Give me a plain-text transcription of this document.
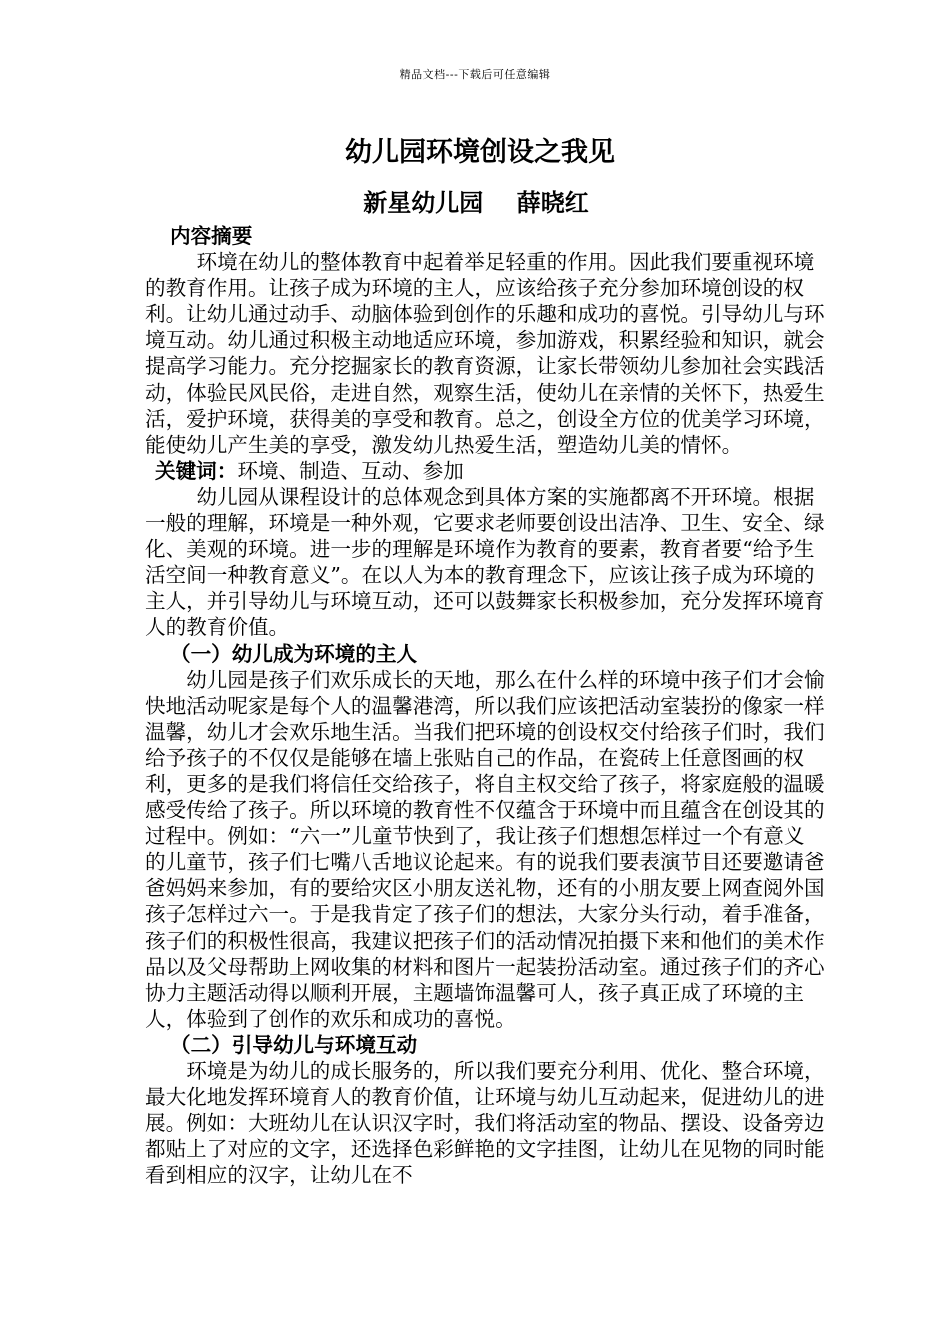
精品文档---下载后可任意编辑
幼儿园环境创设之我见
新星幼儿园    薛晓红

内容摘要

环境在幼儿的整体教育中起着举足轻重的作用。因此我们要重视环境的教育作用。让孩子成为环境的主人，应该给孩子充分参加环境创设的权利。让幼儿通过动手、动脑体验到创作的乐趣和成功的喜悦。引导幼儿与环境互动。幼儿通过积极主动地适应环境，参加游戏，积累经验和知识，就会提高学习能力。充分挖掘家长的教育资源，让家长带领幼儿参加社会实践活动，体验民风民俗，走进自然，观察生活，使幼儿在亲情的关怀下，热爱生活，爱护环境，获得美的享受和教育。总之，创设全方位的优美学习环境，能使幼儿产生美的享受，激发幼儿热爱生活，塑造幼儿美的情怀。

关键词：环境、制造、互动、参加

幼儿园从课程设计的总体观念到具体方案的实施都离不开环境。根据一般的理解，环境是一种外观，它要求老师要创设出洁净、卫生、安全、绿化、美观的环境。进一步的理解是环境作为教育的要素，教育者要“给予生活空间一种教育意义”。在以人为本的教育理念下，应该让孩子成为环境的主人，并引导幼儿与环境互动，还可以鼓舞家长积极参加，充分发挥环境育人的教育价值。

（一）幼儿成为环境的主人

幼儿园是孩子们欢乐成长的天地，那么在什么样的环境中孩子们才会愉快地活动呢家是每个人的温馨港湾，所以我们应该把活动室装扮的像家一样温馨，幼儿才会欢乐地生活。当我们把环境的创设权交付给孩子们时，我们给予孩子的不仅仅是能够在墙上张贴自己的作品，在瓷砖上任意图画的权利，更多的是我们将信任交给孩子，将自主权交给了孩子，将家庭般的温暖感受传给了孩子。所以环境的教育性不仅蕴含于环境中而且蕴含在创设其的过程中。例如：“六一”儿童节快到了，我让孩子们想想怎样过一个有意义的儿童节，孩子们七嘴八舌地议论起来。有的说我们要表演节目还要邀请爸爸妈妈来参加，有的要给灾区小朋友送礼物，还有的小朋友要上网查阅外国孩子怎样过六一。于是我肯定了孩子们的想法，大家分头行动，着手准备，孩子们的积极性很高，我建议把孩子们的活动情况拍摄下来和他们的美术作品以及父母帮助上网收集的材料和图片一起装扮活动室。通过孩子们的齐心协力主题活动得以顺利开展，主题墙饰温馨可人，孩子真正成了环境的主人，体验到了创作的欢乐和成功的喜悦。

（二）引导幼儿与环境互动

环境是为幼儿的成长服务的，所以我们要充分利用、优化、整合环境，最大化地发挥环境育人的教育价值，让环境与幼儿互动起来，促进幼儿的进展。例如：大班幼儿在认识汉字时，我们将活动室的物品、摆设、设备旁边都贴上了对应的文字，还选择色彩鲜艳的文字挂图，让幼儿在见物的同时能看到相应的汉字，让幼儿在不
